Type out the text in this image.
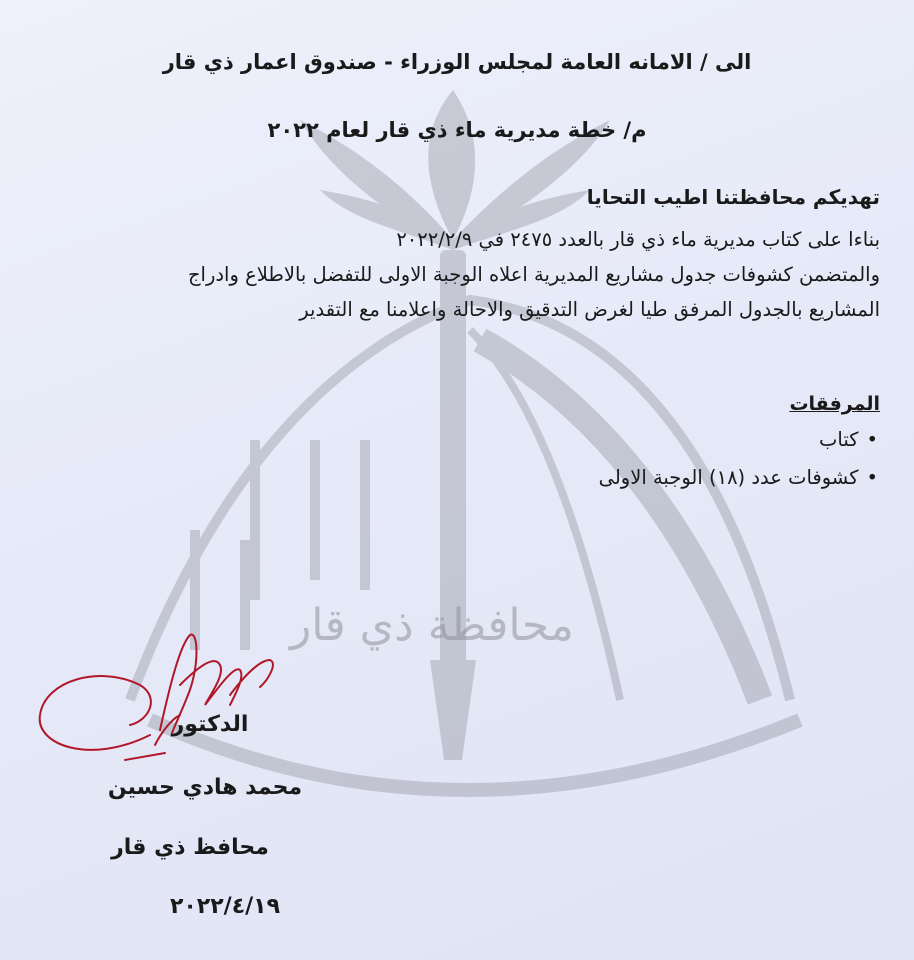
محافظة ذي قار
الى / الامانه العامة لمجلس الوزراء - صندوق اعمار ذي قار
م/ خطة مديرية ماء ذي قار لعام ٢٠٢٢
تهديكم محافظتنا اطيب التحايا
بناءا على كتاب مديرية ماء ذي قار بالعدد ٢٤٧٥ في ٢٠٢٢/٢/٩
والمتضمن كشوفات جدول مشاريع المديرية اعلاه الوجبة الاولى للتفضل بالاطلاع وادراج
المشاريع بالجدول المرفق طيا لغرض التدقيق والاحالة واعلامنا مع التقدير
المرفقات
•كتاب
•كشوفات عدد (١٨) الوجبة الاولى
الدكتور
محمد هادي حسين
محافظ ذي قار
٢٠٢٢/٤/١٩
